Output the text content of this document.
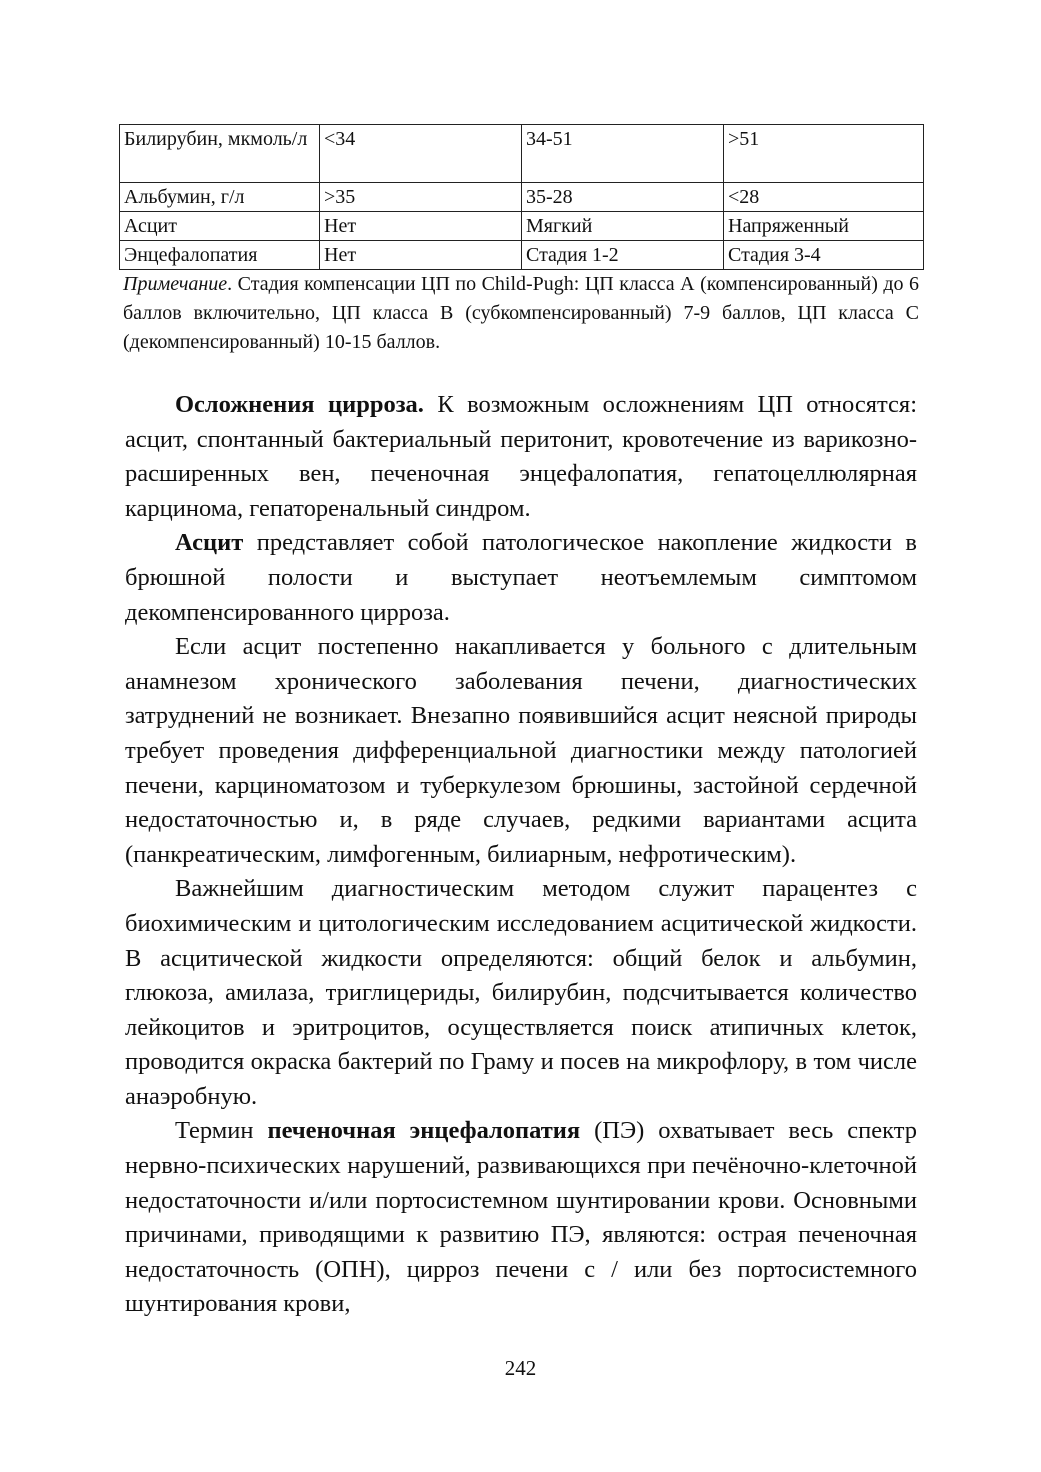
Билирубин, мкмоль/л	<34	34-51	>51
Альбумин, г/л	>35	35-28	<28
Асцит	Нет	Мягкий	Напряженный
Энцефалопатия	Нет	Стадия 1-2	Стадия 3-4
Примечание. Стадия компенсации ЦП по Child-Pugh: ЦП класса А (компенсированный) до 6 баллов включительно, ЦП класса В (субкомпенсированный) 7-9 баллов, ЦП класса С (декомпенсированный) 10-15 баллов.

Осложнения цирроза. К возможным осложнениям ЦП относятся: асцит, спонтанный бактериальный перитонит, кровотечение из варикозно-расширенных вен, печеночная энцефалопатия, гепатоцеллюлярная карцинома, гепаторенальный синдром.

Асцит представляет собой патологическое накопление жидкости в брюшной полости и выступает неотъемлемым симптомом декомпенсированного цирроза.

Если асцит постепенно накапливается у больного с длительным анамнезом хронического заболевания печени, диагностических затруднений не возникает. Внезапно появившийся асцит неясной природы требует проведения дифференциальной диагностики между патологией печени, карциноматозом и туберкулезом брюшины, застойной сердечной недостаточностью и, в ряде случаев, редкими вариантами асцита (панкреатическим, лимфогенным, билиарным, нефротическим).

Важнейшим диагностическим методом служит парацентез с биохимическим и цитологическим исследованием асцитической жидкости. В асцитической жидкости определяются: общий белок и альбумин, глюкоза, амилаза, триглицериды, билирубин, подсчитывается количество лейкоцитов и эритроцитов, осуществляется поиск атипичных клеток, проводится окраска бактерий по Граму и посев на микрофлору, в том числе анаэробную.

Термин печеночная энцефалопатия (ПЭ) охватывает весь спектр нервно-психических нарушений, развивающихся при печёночно-клеточной недостаточности и/или портосистемном шунтировании крови. Основными причинами, приводящими к развитию ПЭ, являются: острая печеночная недостаточность (ОПН), цирроз печени с / или без портосистемного шунтирования крови,

242
